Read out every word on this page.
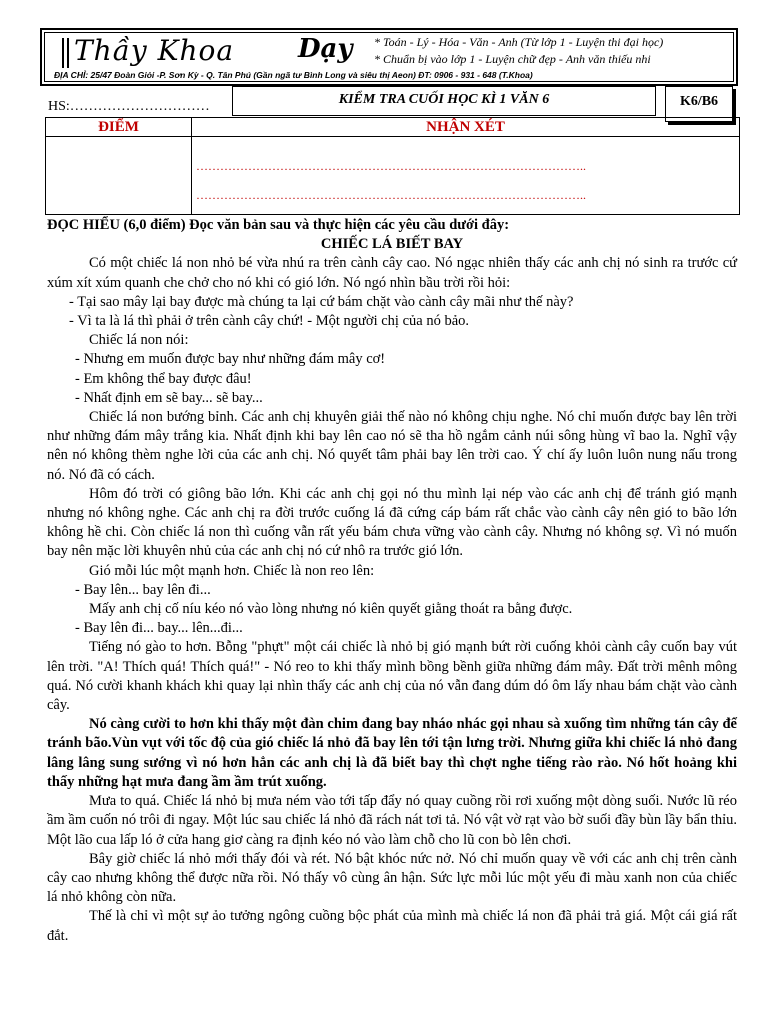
Thầy Khoa Dạy * Toán - Lý - Hóa - Văn - Anh (Từ lớp 1 - Luyện thi đại học)
* Chuẩn bị vào lớp 1 - Luyện chữ đẹp - Anh văn thiếu nhi
ĐỊA CHỈ: 25/47 Đoàn Giỏi -P. Sơn Kỳ - Q. Tân Phú (Gần ngã tư Bình Long và siêu thị Aeon) ĐT: 0906 - 931 - 648 (T.Khoa)
HS:…………………………	KIỂM TRA CUỐI HỌC KÌ 1 VĂN 6	K6/B6
ĐIỂM	NHẬN XÉT

	……………………………………………………………………………………..
……………………………………………………………………………………..

ĐỌC HIỂU (6,0 điểm) Đọc văn bản sau và thực hiện các yêu cầu dưới đây:

CHIẾC LÁ BIẾT BAY

Có một chiếc lá non nhỏ bé vừa nhú ra trên cành cây cao. Nó ngạc nhiên thấy các anh chị nó sinh ra trước cứ xúm xít xúm quanh che chở cho nó khi có gió lớn. Nó ngó nhìn bầu trời rồi hỏi:

- Tại sao mây lại bay được mà chúng ta lại cứ bám chặt vào cành cây mãi như thế này?

- Vì ta là lá thì phải ở trên cành cây chứ! - Một người chị của nó bảo.

Chiếc lá non nói:

- Nhưng em muốn được bay như những đám mây cơ!

- Em không thể bay được đâu!

- Nhất định em sẽ bay... sẽ bay...

Chiếc lá non bướng bỉnh. Các anh chị khuyên giải thế nào nó không chịu nghe. Nó chỉ muốn được bay lên trời như những đám mây trắng kia. Nhất định khi bay lên cao nó sẽ tha hồ ngắm cảnh núi sông hùng vĩ bao la. Nghĩ vậy nên nó không thèm nghe lời của các anh chị. Nó quyết tâm phải bay lên trời cao. Ý chí ấy luôn luôn nung nấu trong nó. Nó đã có cách.

Hôm đó trời có giông bão lớn. Khi các anh chị gọi nó thu mình lại nép vào các anh chị để tránh gió mạnh nhưng nó không nghe. Các anh chị ra đời trước cuống lá đã cứng cáp bám rất chắc vào cành cây nên gió to bão lớn không hề chi. Còn chiếc lá non thì cuống vẫn rất yếu bám chưa vững vào cành cây. Nhưng nó không sợ. Vì nó muốn bay nên mặc lời khuyên nhủ của các anh chị nó cứ nhô ra trước gió lớn.

Gió mỗi lúc một mạnh hơn. Chiếc là non reo lên:

- Bay lên... bay lên đi...

Mấy anh chị cố níu kéo nó vào lòng nhưng nó kiên quyết giằng thoát ra bằng được.

- Bay lên đi... bay... lên...đi...

Tiếng nó gào to hơn. Bỗng "phựt" một cái chiếc là nhỏ bị gió mạnh bứt rời cuống khỏi cành cây cuốn bay vút lên trời. "A! Thích quá! Thích quá!" - Nó reo to khi thấy mình bồng bềnh giữa những đám mây. Đất trời mênh mông quá. Nó cười khanh khách khi quay lại nhìn thấy các anh chị của nó vẫn đang dúm dó ôm lấy nhau bám chặt vào cành cây.

Nó càng cười to hơn khi thấy một đàn chim đang bay nháo nhác gọi nhau sà xuống tìm những tán cây để tránh bão.Vùn vụt với tốc độ của gió chiếc lá nhỏ đã bay lên tới tận lưng trời. Nhưng giữa khi chiếc lá nhỏ đang lâng lâng sung sướng vì nó hơn hẳn các anh chị là đã biết bay thì chợt nghe tiếng rào rào. Nó hốt hoảng khi thấy những hạt mưa đang ầm ầm trút xuống.

Mưa to quá. Chiếc lá nhỏ bị mưa ném vào tới tấp đẩy nó quay cuồng rồi rơi xuống một dòng suối. Nước lũ réo ầm ầm cuốn nó trôi đi ngay. Một lúc sau chiếc lá nhỏ đã rách nát tơi tả. Nó vật vờ rạt vào bờ suối đầy bùn lầy bẩn thỉu. Một lão cua lấp ló ở cửa hang giơ càng ra định kéo nó vào làm chỗ cho lũ con bò lên chơi.

Bây giờ chiếc lá nhỏ mới thấy đói và rét. Nó bật khóc nức nở. Nó chỉ muốn quay về với các anh chị trên cành cây cao nhưng không thể được nữa rồi. Nó thấy vô cùng ân hận. Sức lực mỗi lúc một yếu đi màu xanh non của chiếc lá nhỏ không còn nữa.

Thế là chỉ vì một sự ảo tưởng ngông cuồng bộc phát của mình mà chiếc lá non đã phải trả giá. Một cái giá rất đắt.
